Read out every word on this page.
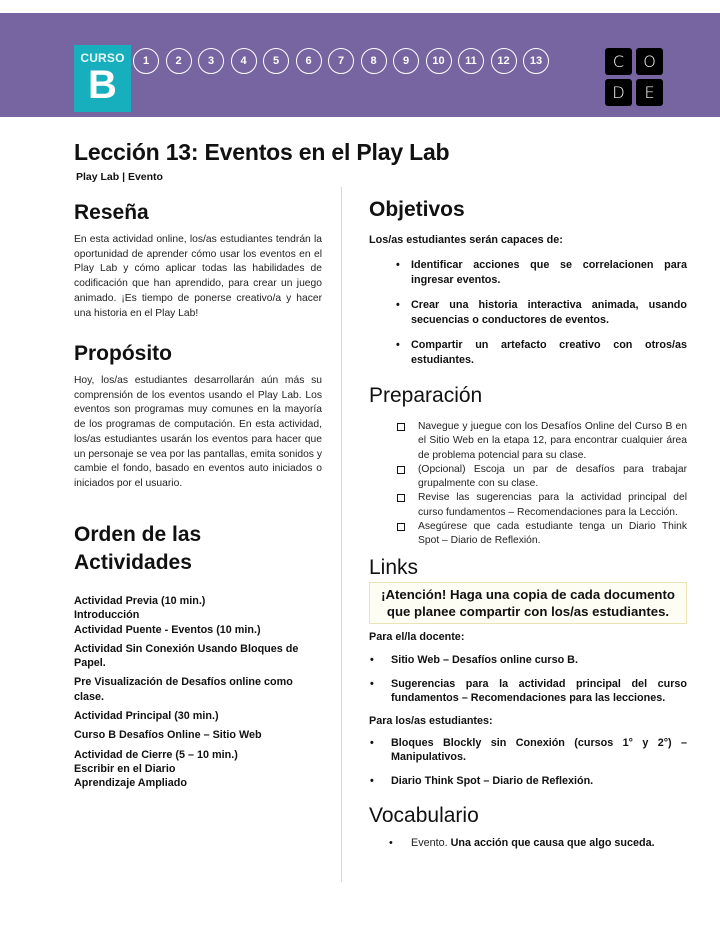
CURSO
B
1	2	3	4	5	6	7	8	9	10	11	12	13	C	O
D	E
Lección 13: Eventos en el Play Lab
Play Lab | Evento
Reseña

En esta actividad online, los/as estudiantes tendrán la oportunidad de aprender cómo usar los eventos en el Play Lab y cómo aplicar todas las habilidades de codificación que han aprendido, para crear un juego animado. ¡Es tiempo de ponerse creativo/a y hacer una historia en el Play Lab!

Propósito

Hoy, los/as estudiantes desarrollarán aún más su comprensión de los eventos usando el Play Lab. Los eventos son programas muy comunes en la mayoría de los programas de computación. En esta actividad, los/as estudiantes usarán los eventos para hacer que un personaje se vea por las pantallas, emita sonidos y cambie el fondo, basado en eventos auto iniciados o iniciados por el usuario.

Orden de las
Actividades
Actividad Previa (10 min.)
Introducción
Actividad Puente - Eventos (10 min.)
Actividad Sin Conexión Usando Bloques de Papel.
Pre Visualización de Desafíos online como clase.
Actividad Principal (30 min.)
Curso B Desafíos Online – Sitio Web
Actividad de Cierre (5 – 10 min.)
Escribir en el Diario
Aprendizaje Ampliado
Objetivos
Los/as estudiantes serán capaces de:
• Identificar acciones que se correlacionen para ingresar eventos.
• Crear una historia interactiva animada, usando secuencias o conductores de eventos.
• Compartir un artefacto creativo con otros/as estudiantes.
Preparación
Navegue y juegue con los Desafíos Online del Curso B en el Sitio Web en la etapa 12, para encontrar cualquier área de problema potencial para su clase.
(Opcional) Escoja un par de desafíos para trabajar grupalmente con su clase.
Revise las sugerencias para la actividad principal del curso fundamentos – Recomendaciones para la Lección.
Asegúrese que cada estudiante tenga un Diario Think Spot – Diario de Reflexión.
Links
¡Atención! Haga una copia de cada documento que planee compartir con los/as estudiantes.
Para el/la docente:
• Sitio Web – Desafíos online curso B.
• Sugerencias para la actividad principal del curso fundamentos – Recomendaciones para las lecciones.
Para los/as estudiantes:
• Bloques Blockly sin Conexión (cursos 1° y 2°) – Manipulativos.
• Diario Think Spot – Diario de Reflexión.
Vocabulario
• Evento. Una acción que causa que algo suceda.
